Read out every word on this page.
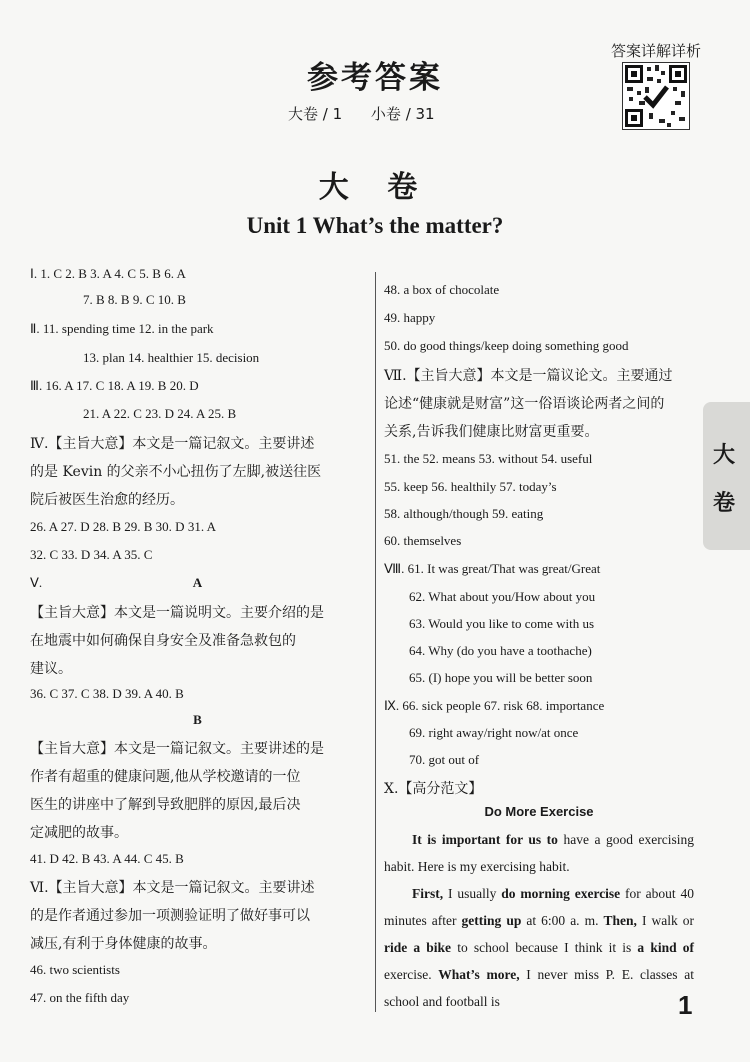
参考答案
大卷 / 1 小卷 / 31
答案详解详析
大 卷
Unit 1 What’s the matter?
大
卷
Ⅰ. 1. C 2. B 3. A 4. C 5. B 6. A
7. B 8. B 9. C 10. B
Ⅱ. 11. spending time 12. in the park
13. plan 14. healthier 15. decision
Ⅲ. 16. A 17. C 18. A 19. B 20. D
21. A 22. C 23. D 24. A 25. B
Ⅳ.【主旨大意】本文是一篇记叙文。主要讲述
的是 Kevin 的父亲不小心扭伤了左脚,被送往医
院后被医生治愈的经历。
26. A 27. D 28. B 29. B 30. D 31. A
32. C 33. D 34. A 35. C
Ⅴ.	A
【主旨大意】本文是一篇说明文。主要介绍的是
在地震中如何确保自身安全及准备急救包的
建议。
36. C 37. C 38. D 39. A 40. B
B
【主旨大意】本文是一篇记叙文。主要讲述的是
作者有超重的健康问题,他从学校邀请的一位
医生的讲座中了解到导致肥胖的原因,最后决
定减肥的故事。
41. D 42. B 43. A 44. C 45. B
Ⅵ.【主旨大意】本文是一篇记叙文。主要讲述
的是作者通过参加一项测验证明了做好事可以
减压,有利于身体健康的故事。
46. two scientists
47. on the fifth day
48. a box of chocolate
49. happy
50. do good things/keep doing something good
Ⅶ.【主旨大意】本文是一篇议论文。主要通过
论述“健康就是财富”这一俗语谈论两者之间的
关系,告诉我们健康比财富更重要。
51. the 52. means 53. without 54. useful
55. keep 56. healthily 57. today’s
58. although/though 59. eating
60. themselves
Ⅷ. 61. It was great/That was great/Great
62. What about you/How about you
63. Would you like to come with us
64. Why (do you have a toothache)
65. (I) hope you will be better soon
Ⅸ. 66. sick people 67. risk 68. importance
69. right away/right now/at once
70. got out of
Ⅹ.【高分范文】
Do More Exercise
It is important for us to have a good exercising habit. Here is my exercising habit.
First, I usually do morning exercise for about 40 minutes after getting up at 6:00 a. m. Then, I walk or ride a bike to school because I think it is a kind of exercise. What’s more, I never miss P. E. classes at school and football is	1
